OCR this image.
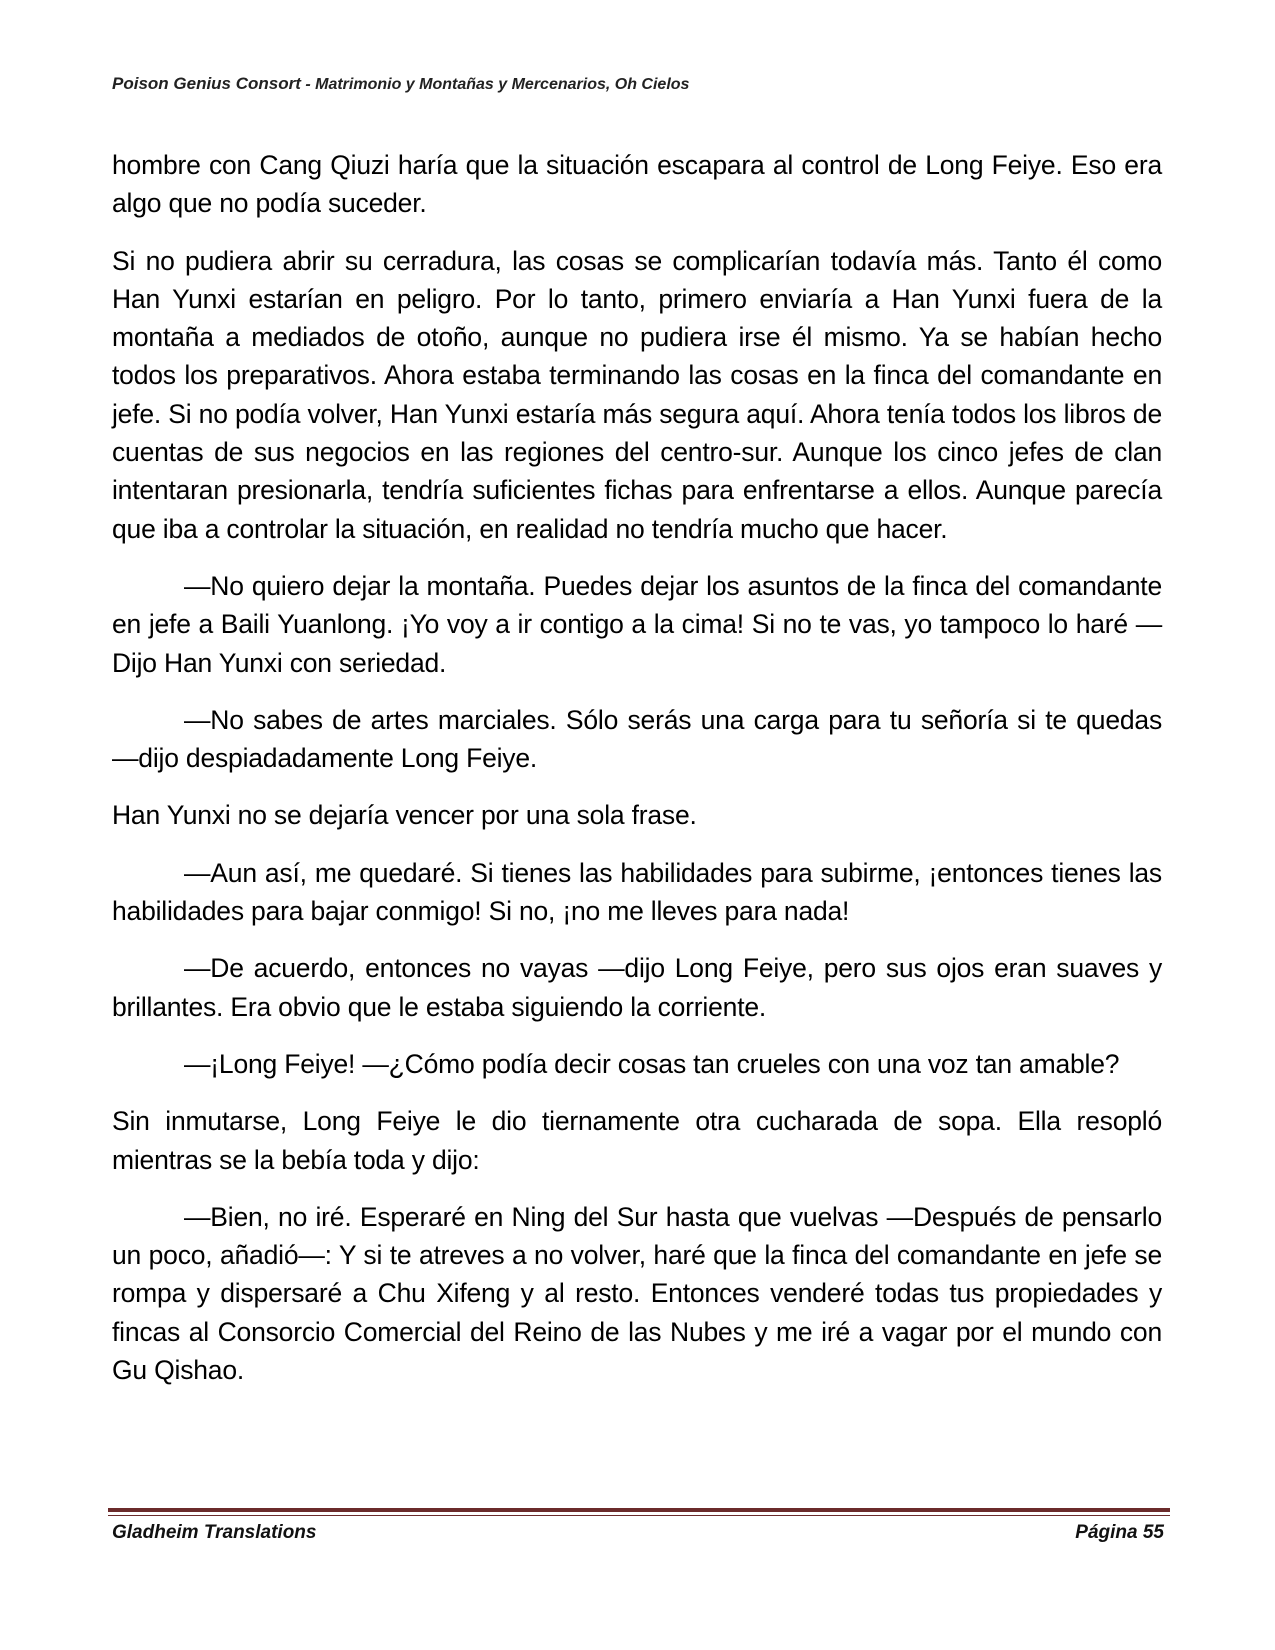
Poison Genius Consort - Matrimonio y Montañas y Mercenarios, Oh Cielos

hombre con Cang Qiuzi haría que la situación escapara al control de Long Feiye. Eso era algo que no podía suceder.

Si no pudiera abrir su cerradura, las cosas se complicarían todavía más. Tanto él como Han Yunxi estarían en peligro. Por lo tanto, primero enviaría a Han Yunxi fuera de la montaña a mediados de otoño, aunque no pudiera irse él mismo. Ya se habían hecho todos los preparativos. Ahora estaba terminando las cosas en la finca del comandante en jefe. Si no podía volver, Han Yunxi estaría más segura aquí. Ahora tenía todos los libros de cuentas de sus negocios en las regiones del centro-sur. Aunque los cinco jefes de clan intentaran presionarla, tendría suficientes fichas para enfrentarse a ellos. Aunque parecía que iba a controlar la situación, en realidad no tendría mucho que hacer.

—No quiero dejar la montaña. Puedes dejar los asuntos de la finca del comandante en jefe a Baili Yuanlong. ¡Yo voy a ir contigo a la cima! Si no te vas, yo tampoco lo haré —Dijo Han Yunxi con seriedad.

—No sabes de artes marciales. Sólo serás una carga para tu señoría si te quedas —dijo despiadadamente Long Feiye.

Han Yunxi no se dejaría vencer por una sola frase.

—Aun así, me quedaré. Si tienes las habilidades para subirme, ¡entonces tienes las habilidades para bajar conmigo! Si no, ¡no me lleves para nada!

—De acuerdo, entonces no vayas —dijo Long Feiye, pero sus ojos eran suaves y brillantes. Era obvio que le estaba siguiendo la corriente.

—¡Long Feiye! —¿Cómo podía decir cosas tan crueles con una voz tan amable?

Sin inmutarse, Long Feiye le dio tiernamente otra cucharada de sopa. Ella resopló mientras se la bebía toda y dijo:

—Bien, no iré. Esperaré en Ning del Sur hasta que vuelvas —Después de pensarlo un poco, añadió—: Y si te atreves a no volver, haré que la finca del comandante en jefe se rompa y dispersaré a Chu Xifeng y al resto. Entonces venderé todas tus propiedades y fincas al Consorcio Comercial del Reino de las Nubes y me iré a vagar por el mundo con Gu Qishao.

Gladheim Translations	Página 55
